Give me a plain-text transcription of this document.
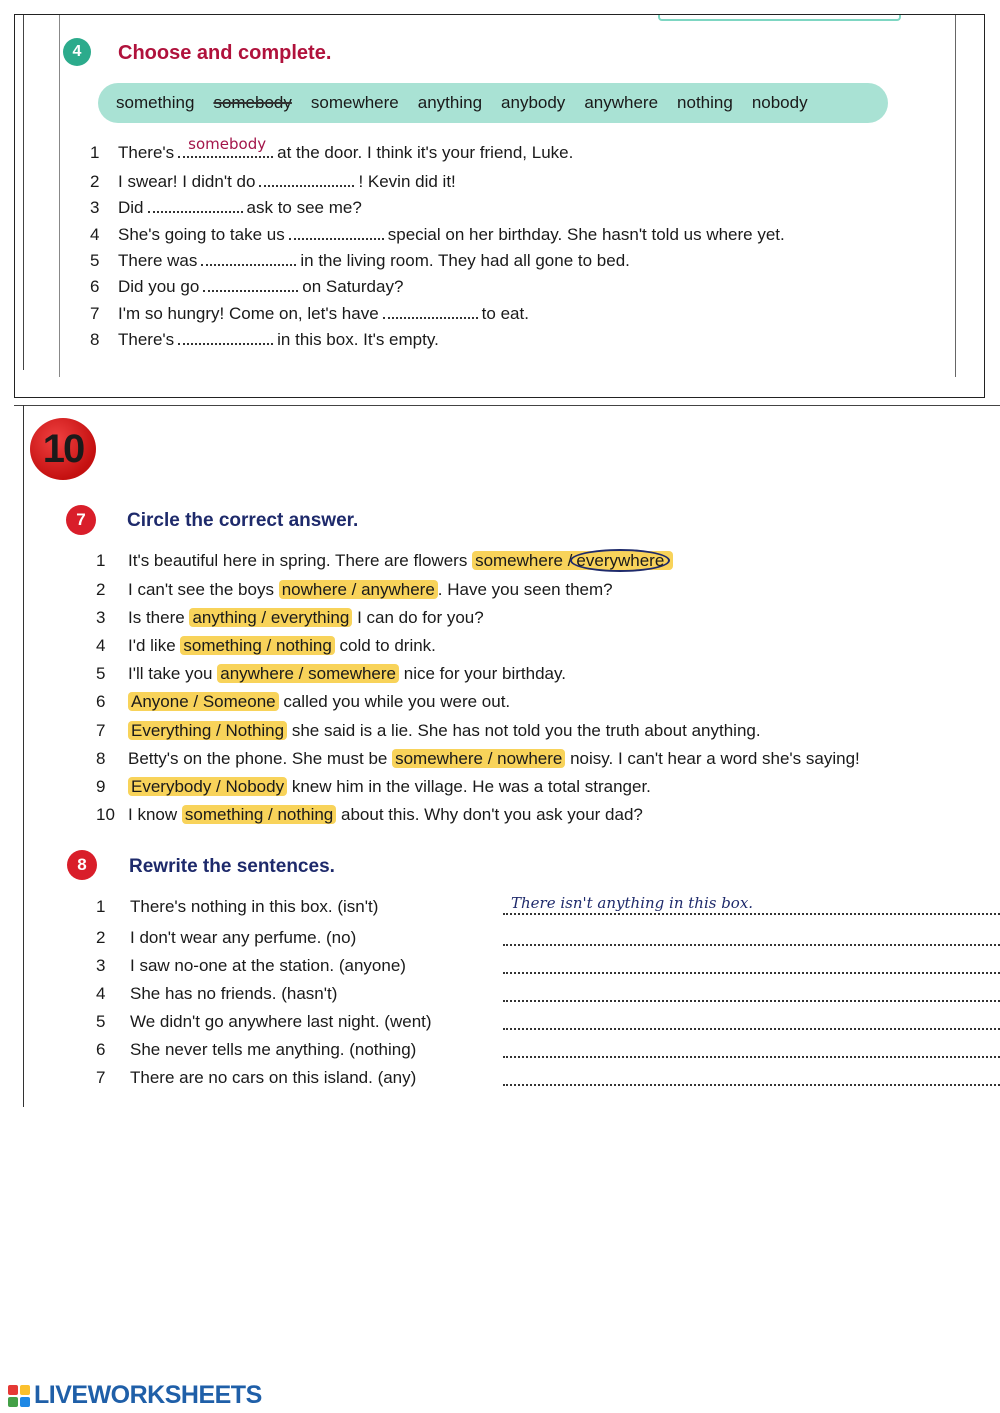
4	Choose and complete.
something somebody somewhere anything anybody anywhere nothing nobody
1 There's somebody at the door. I think it's your friend, Luke.
2 I swear! I didn't do	! Kevin did it!
3 Did	ask to see me?
4 She's going to take us	special on her birthday. She hasn't told us where yet.
5 There was	in the living room. They had all gone to bed.
6 Did you go	on Saturday?
7 I'm so hungry! Come on, let's have	to eat.
8 There's	in this box. It's empty.
10
7	Circle the correct answer.
1 It's beautiful here in spring. There are flowers somewhere / everywhere
2 I can't see the boys nowhere / anywhere . Have you seen them?
3 Is there anything / everything I can do for you?
4 I'd like something / nothing cold to drink.
5 I'll take you anywhere / somewhere nice for your birthday.
6 Anyone / Someone called you while you were out.
7 Everything / Nothing she said is a lie. She has not told you the truth about anything.
8 Betty's on the phone. She must be somewhere / nowhere noisy. I can't hear a word she's saying!
9 Everybody / Nobody knew him in the village. He was a total stranger.
10 I know something / nothing about this. Why don't you ask your dad?
8	Rewrite the sentences.
1 There's nothing in this box. (isn't)	There isn't anything in this box.
2 I don't wear any perfume. (no)
3 I saw no-one at the station. (anyone)
4 She has no friends. (hasn't)
5 We didn't go anywhere last night. (went)
6 She never tells me anything. (nothing)
7 There are no cars on this island. (any)
LIVEWORKSHEETS
